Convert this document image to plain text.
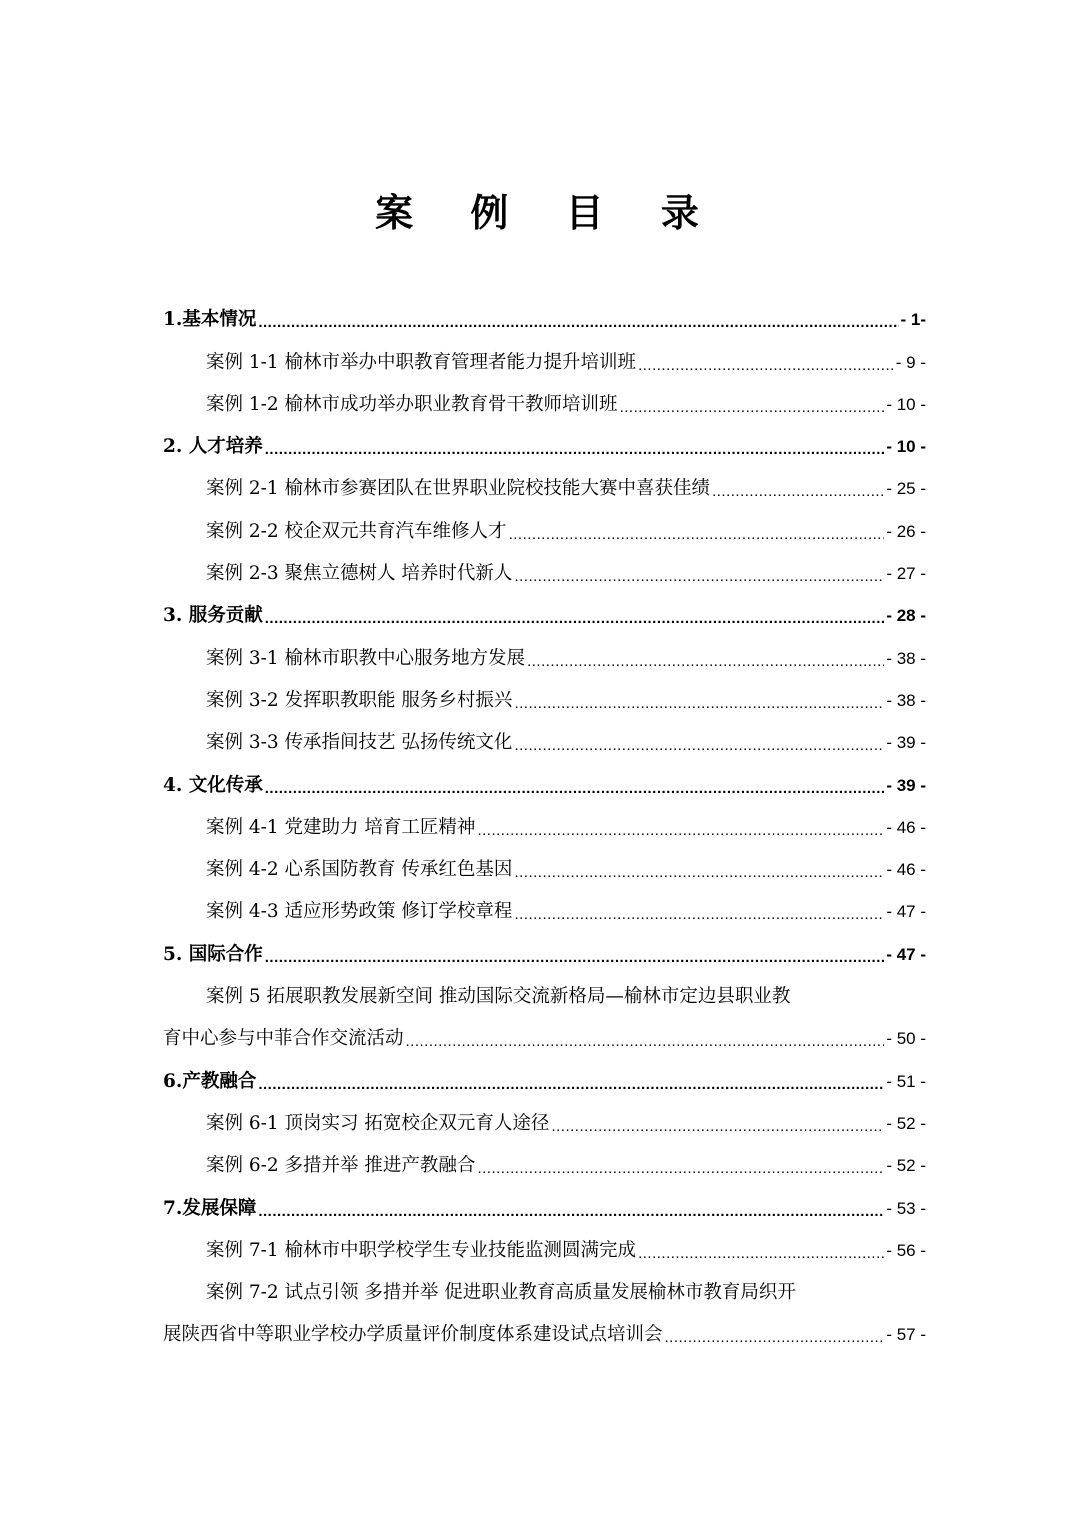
案 例 目 录
1.基本情况 .....	- 1-
案例 1-1 榆林市举办中职教育管理者能力提升培训班 .....	- 9 -
案例 1-2 榆林市成功举办职业教育骨干教师培训班 .....	- 10 -
2. 人才培养 .....	- 10 -
案例 2-1 榆林市参赛团队在世界职业院校技能大赛中喜获佳绩 .....	- 25 -
案例 2-2 校企双元共育汽车维修人才 .....	- 26 -
案例 2-3 聚焦立德树人 培养时代新人 .....	- 27 -
3. 服务贡献 .....	- 28 -
案例 3-1 榆林市职教中心服务地方发展 .....	- 38 -
案例 3-2 发挥职教职能 服务乡村振兴 .....	- 38 -
案例 3-3 传承指间技艺 弘扬传统文化 .....	- 39 -
4. 文化传承 .....	- 39 -
案例 4-1 党建助力 培育工匠精神 .....	- 46 -
案例 4-2 心系国防教育 传承红色基因 .....	- 46 -
案例 4-3 适应形势政策 修订学校章程 .....	- 47 -
5. 国际合作 .....	- 47 -
案例 5 拓展职教发展新空间 推动国际交流新格局—榆林市定边县职业教
育中心参与中菲合作交流活动 .....	- 50 -
6.产教融合 .....	- 51 -
案例 6-1 顶岗实习 拓宽校企双元育人途径 .....	- 52 -
案例 6-2 多措并举 推进产教融合 .....	- 52 -
7.发展保障 .....	- 53 -
案例 7-1 榆林市中职学校学生专业技能监测圆满完成 .....	- 56 -
案例 7-2 试点引领 多措并举 促进职业教育高质量发展榆林市教育局织开
展陕西省中等职业学校办学质量评价制度体系建设试点培训会 .....	- 57 -
